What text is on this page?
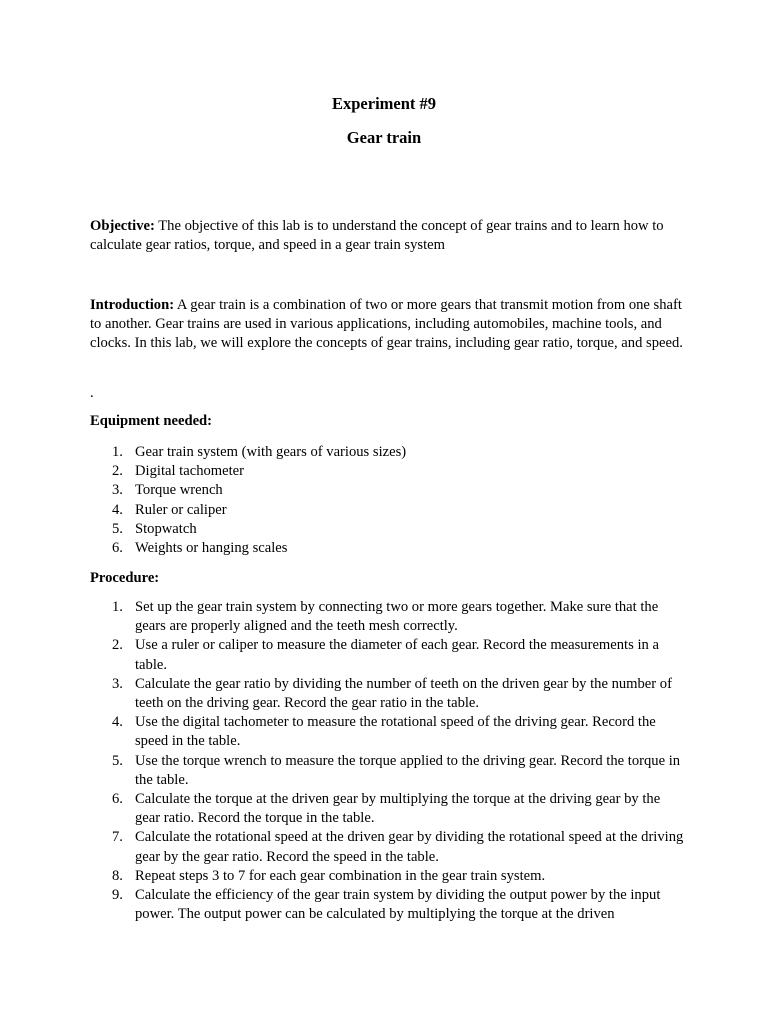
Experiment #9
Gear train

Objective: The objective of this lab is to understand the concept of gear trains and to learn how to calculate gear ratios, torque, and speed in a gear train system

Introduction: A gear train is a combination of two or more gears that transmit motion from one shaft to another. Gear trains are used in various applications, including automobiles, machine tools, and clocks. In this lab, we will explore the concepts of gear trains, including gear ratio, torque, and speed.

.

Equipment needed:

1. Gear train system (with gears of various sizes)
2. Digital tachometer
3. Torque wrench
4. Ruler or caliper
5. Stopwatch
6. Weights or hanging scales

Procedure:

1. Set up the gear train system by connecting two or more gears together. Make sure that the gears are properly aligned and the teeth mesh correctly.
2. Use a ruler or caliper to measure the diameter of each gear. Record the measurements in a table.
3. Calculate the gear ratio by dividing the number of teeth on the driven gear by the number of teeth on the driving gear. Record the gear ratio in the table.
4. Use the digital tachometer to measure the rotational speed of the driving gear. Record the speed in the table.
5. Use the torque wrench to measure the torque applied to the driving gear. Record the torque in the table.
6. Calculate the torque at the driven gear by multiplying the torque at the driving gear by the gear ratio. Record the torque in the table.
7. Calculate the rotational speed at the driven gear by dividing the rotational speed at the driving gear by the gear ratio. Record the speed in the table.
8. Repeat steps 3 to 7 for each gear combination in the gear train system.
9. Calculate the efficiency of the gear train system by dividing the output power by the input power. The output power can be calculated by multiplying the torque at the driven
